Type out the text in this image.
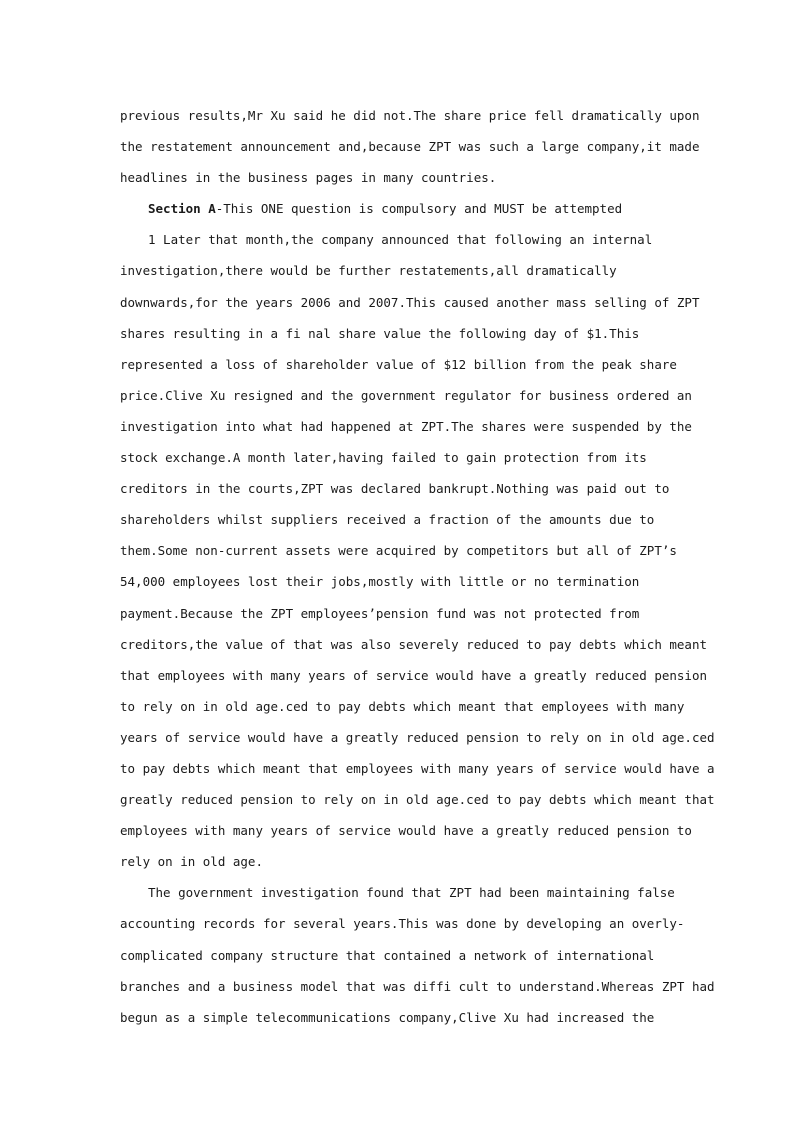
previous results,Mr Xu said he did not.The share price fell dramatically upon
the restatement announcement and,because ZPT was such a large company,it made
headlines in the business pages in many countries.
Section A-This ONE question is compulsory and MUST be attempted
1 Later that month,the company announced that following an internal
investigation,there would be further restatements,all dramatically
downwards,for the years 2006 and 2007.This caused another mass selling of ZPT
shares resulting in a fi nal share value the following day of $1.This
represented a loss of shareholder value of $12 billion from the peak share
price.Clive Xu resigned and the government regulator for business ordered an
investigation into what had happened at ZPT.The shares were suspended by the
stock exchange.A month later,having failed to gain protection from its
creditors in the courts,ZPT was declared bankrupt.Nothing was paid out to
shareholders whilst suppliers received a fraction of the amounts due to
them.Some non-current assets were acquired by competitors but all of ZPT’s
54,000 employees lost their jobs,mostly with little or no termination
payment.Because the ZPT employees’pension fund was not protected from
creditors,the value of that was also severely reduced to pay debts which meant
that employees with many years of service would have a greatly reduced pension
to rely on in old age.ced to pay debts which meant that employees with many
years of service would have a greatly reduced pension to rely on in old age.ced
to pay debts which meant that employees with many years of service would have a
greatly reduced pension to rely on in old age.ced to pay debts which meant that
employees with many years of service would have a greatly reduced pension to
rely on in old age.
The government investigation found that ZPT had been maintaining false
accounting records for several years.This was done by developing an overly-
complicated company structure that contained a network of international
branches and a business model that was diffi cult to understand.Whereas ZPT had
begun as a simple telecommunications company,Clive Xu had increased the
